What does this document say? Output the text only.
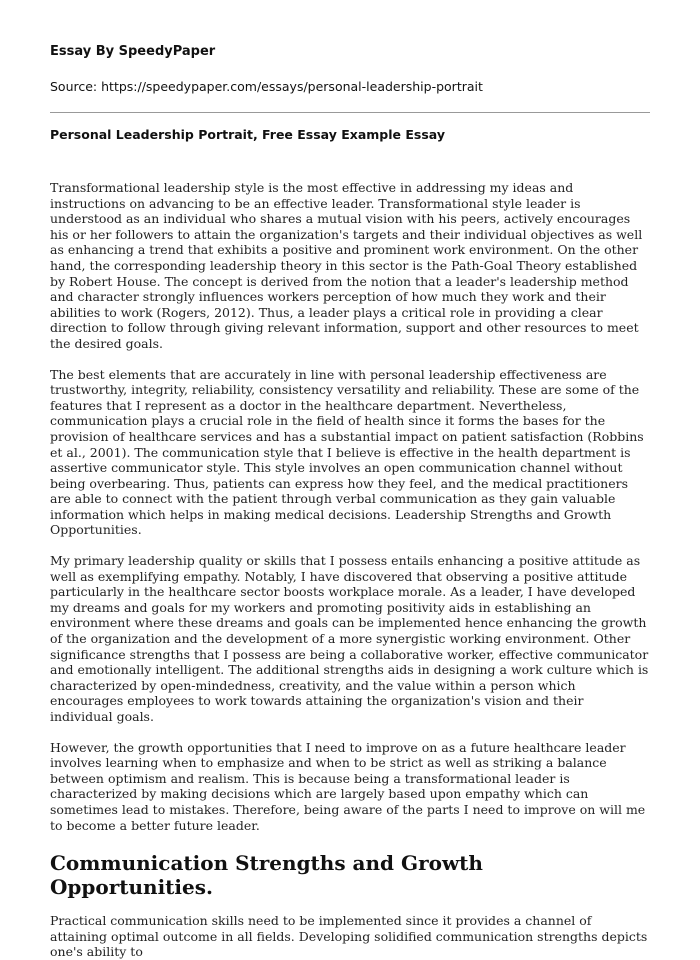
Essay By SpeedyPaper
Source: https://speedypaper.com/essays/personal-leadership-portrait
Personal Leadership Portrait, Free Essay Example Essay

Transformational leadership style is the most effective in addressing my ideas and instructions on advancing to be an effective leader. Transformational style leader is understood as an individual who shares a mutual vision with his peers, actively encourages his or her followers to attain the organization's targets and their individual objectives as well as enhancing a trend that exhibits a positive and prominent work environment. On the other hand, the corresponding leadership theory in this sector is the Path-Goal Theory established by Robert House. The concept is derived from the notion that a leader's leadership method and character strongly influences workers perception of how much they work and their abilities to work (Rogers, 2012). Thus, a leader plays a critical role in providing a clear direction to follow through giving relevant information, support and other resources to meet the desired goals.

The best elements that are accurately in line with personal leadership effectiveness are trustworthy, integrity, reliability, consistency versatility and reliability. These are some of the features that I represent as a doctor in the healthcare department. Nevertheless, communication plays a crucial role in the field of health since it forms the bases for the provision of healthcare services and has a substantial impact on patient satisfaction (Robbins et al., 2001). The communication style that I believe is effective in the health department is assertive communicator style. This style involves an open communication channel without being overbearing. Thus, patients can express how they feel, and the medical practitioners are able to connect with the patient through verbal communication as they gain valuable information which helps in making medical decisions. Leadership Strengths and Growth Opportunities.

My primary leadership quality or skills that I possess entails enhancing a positive attitude as well as exemplifying empathy. Notably, I have discovered that observing a positive attitude particularly in the healthcare sector boosts workplace morale. As a leader, I have developed my dreams and goals for my workers and promoting positivity aids in establishing an environment where these dreams and goals can be implemented hence enhancing the growth of the organization and the development of a more synergistic working environment. Other significance strengths that I possess are being a collaborative worker, effective communicator and emotionally intelligent. The additional strengths aids in designing a work culture which is characterized by open-mindedness, creativity, and the value within a person which encourages employees to work towards attaining the organization's vision and their individual goals.

However, the growth opportunities that I need to improve on as a future healthcare leader involves learning when to emphasize and when to be strict as well as striking a balance between optimism and realism. This is because being a transformational leader is characterized by making decisions which are largely based upon empathy which can sometimes lead to mistakes. Therefore, being aware of the parts I need to improve on will me to become a better future leader.

Communication Strengths and Growth Opportunities.

Practical communication skills need to be implemented since it provides a channel of attaining optimal outcome in all fields. Developing solidified communication strengths depicts one's ability to
